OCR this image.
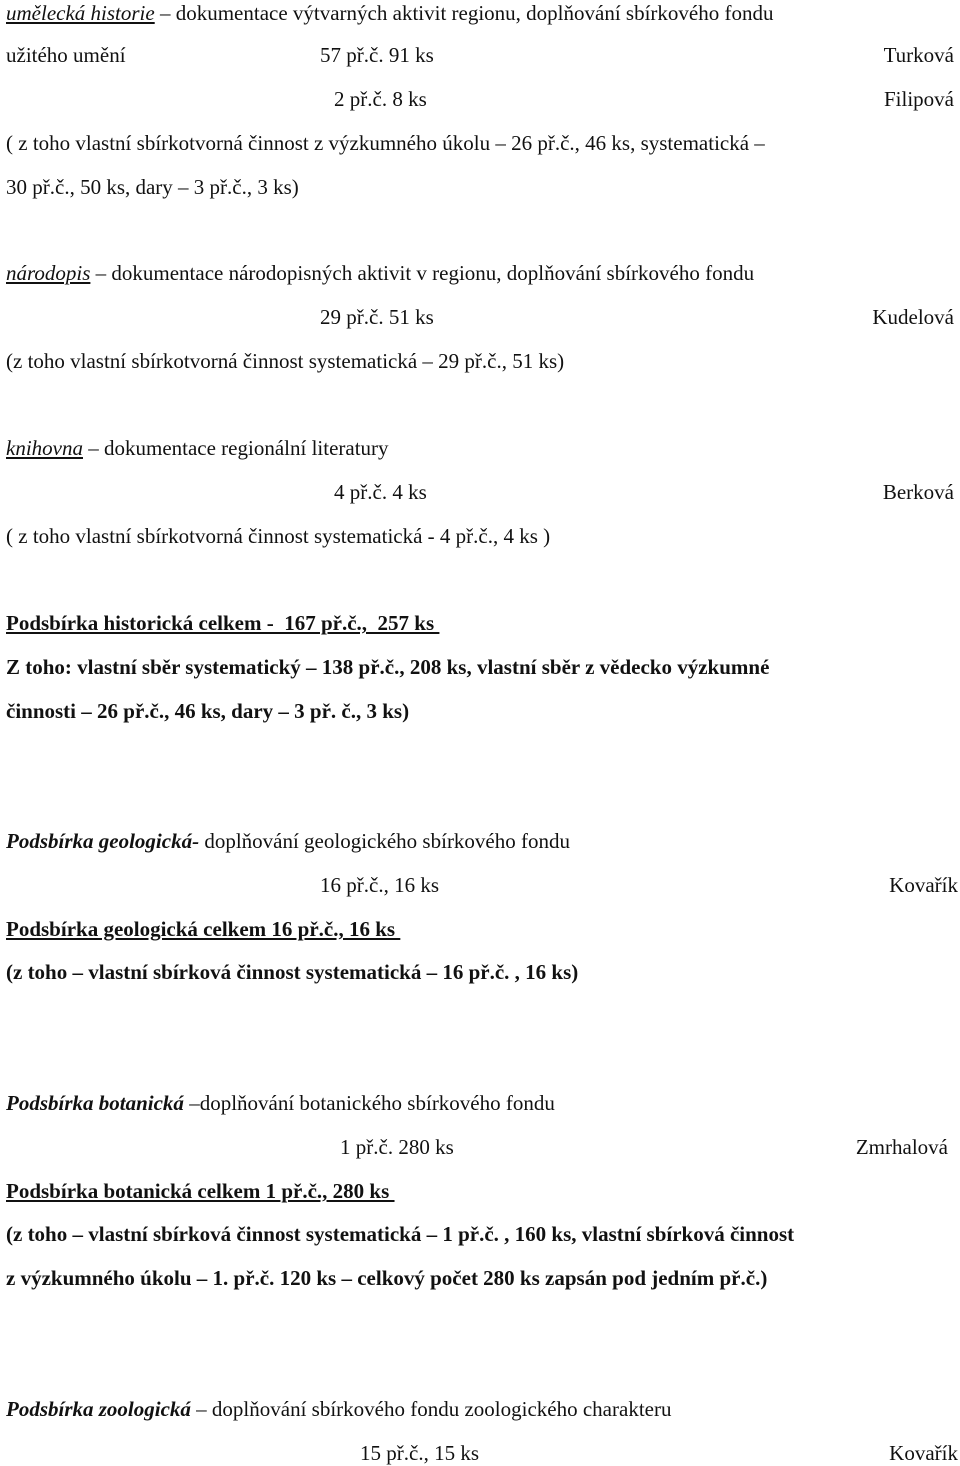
umělecká historie – dokumentace výtvarných aktivit regionu, doplňování sbírkového fondu
užitého umění	57 př.č. 91 ks	Turková
2 př.č. 8 ks	Filipová
( z toho vlastní sbírkotvorná činnost z výzkumného úkolu – 26 př.č., 46 ks, systematická –
30 př.č., 50 ks, dary – 3 př.č., 3 ks)
národopis – dokumentace národopisných aktivit v regionu, doplňování sbírkového fondu
29 př.č. 51 ks	Kudelová
(z toho vlastní sbírkotvorná činnost systematická – 29 př.č., 51 ks)
knihovna – dokumentace regionální literatury
4 př.č. 4 ks	Berková
( z toho vlastní sbírkotvorná činnost systematická - 4 př.č., 4 ks )
Podsbírka historická celkem -  167 př.č.,  257 ks
Z toho: vlastní sběr systematický – 138 př.č., 208 ks, vlastní sběr z vědecko výzkumné
činnosti – 26 př.č., 46 ks, dary – 3 př. č., 3 ks)
Podsbírka geologická- doplňování geologického sbírkového fondu
16 př.č., 16 ks	Kovařík
Podsbírka geologická celkem 16 př.č., 16 ks
(z toho – vlastní sbírková činnost systematická – 16 př.č. , 16 ks)
Podsbírka botanická –doplňování botanického sbírkového fondu
1 př.č. 280 ks	Zmrhalová
Podsbírka botanická celkem 1 př.č., 280 ks
(z toho – vlastní sbírková činnost systematická – 1 př.č. , 160 ks, vlastní sbírková činnost
z výzkumného úkolu – 1. př.č. 120 ks – celkový počet 280 ks zapsán pod jedním př.č.)
Podsbírka zoologická – doplňování sbírkového fondu zoologického charakteru
15 př.č., 15 ks	Kovařík
